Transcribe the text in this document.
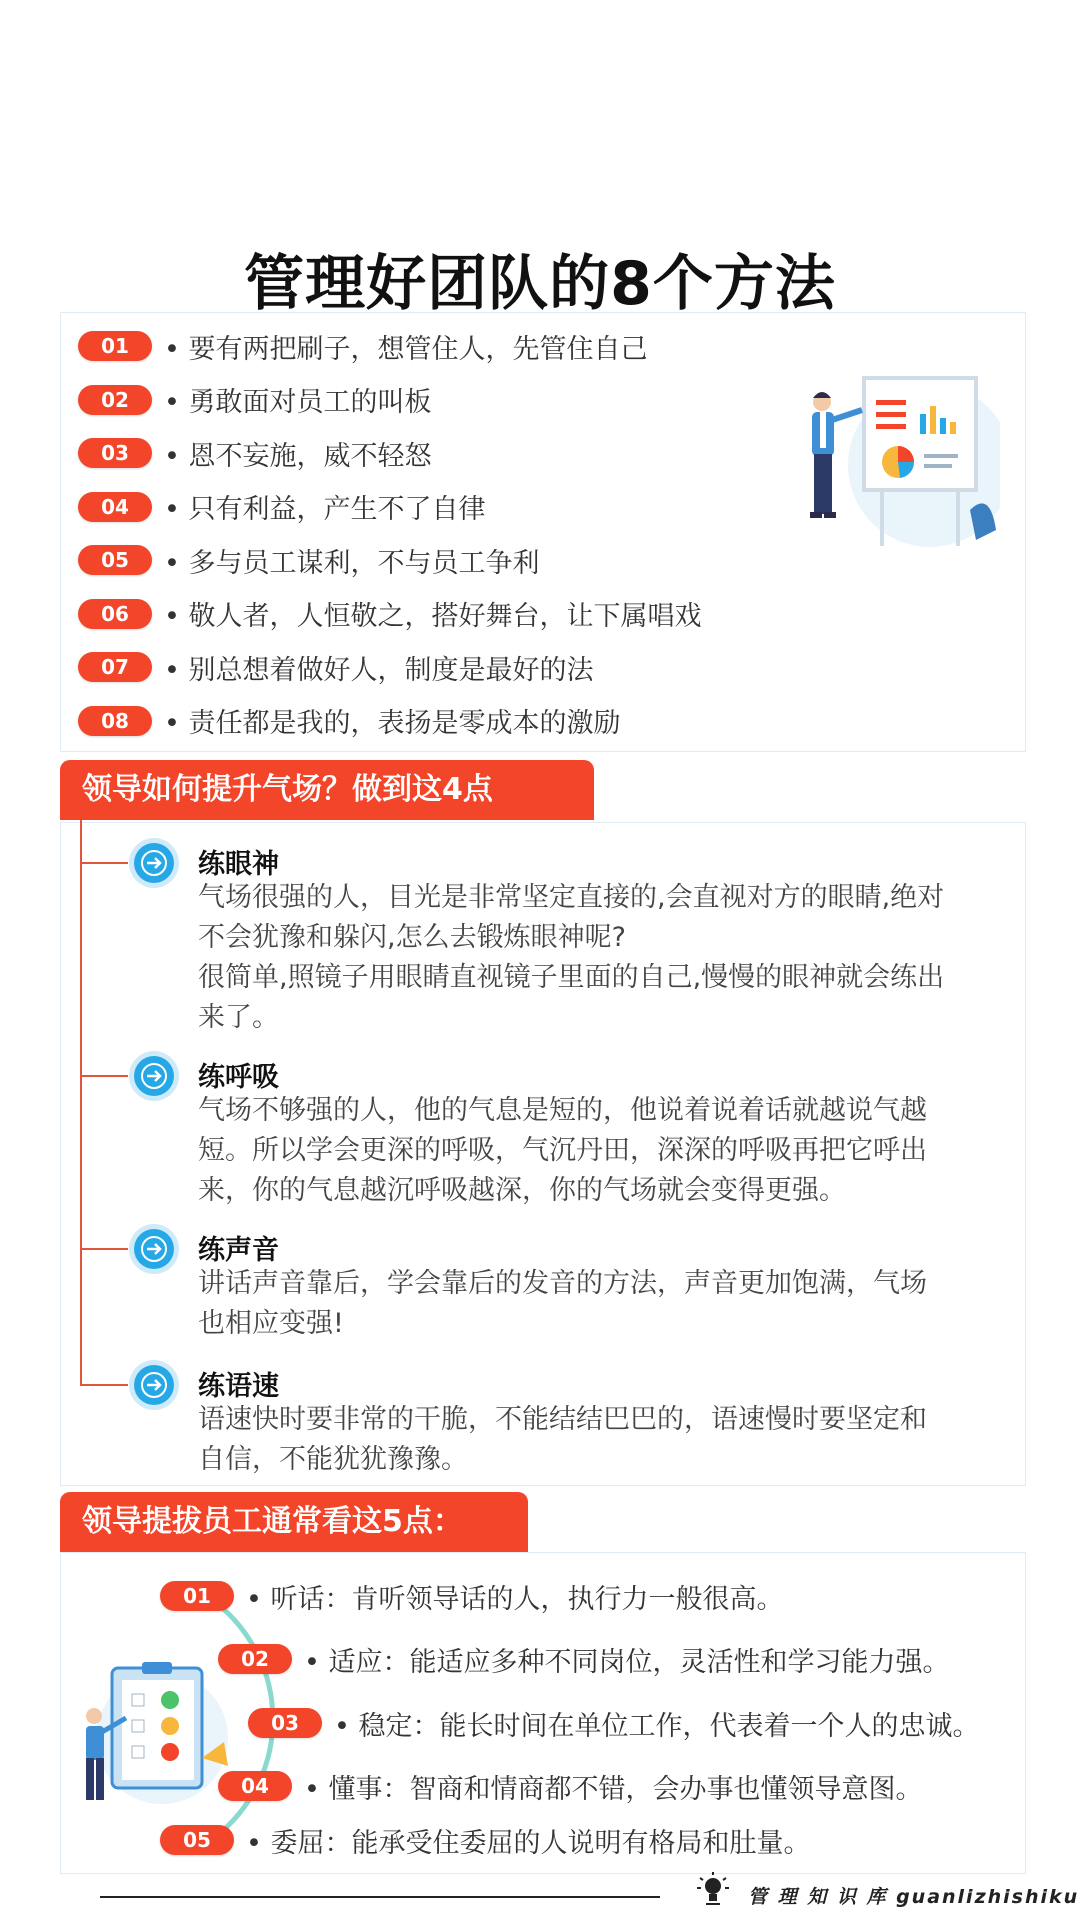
管理好团队的8个方法
01	• 要有两把刷子，想管住人，先管住自己
02	• 勇敢面对员工的叫板
03	• 恩不妄施，威不轻怒
04	• 只有利益，产生不了自律
05	• 多与员工谋利，不与员工争利
06	• 敬人者，人恒敬之，搭好舞台，让下属唱戏
07	• 别总想着做好人，制度是最好的法
08	• 责任都是我的，表扬是零成本的激励
领导如何提升气场？做到这4点
练眼神
气场很强的人，目光是非常坚定直接的,会直视对方的眼睛,绝对
不会犹豫和躲闪,怎么去锻炼眼神呢?
很简单,照镜子用眼睛直视镜子里面的自己,慢慢的眼神就会练出
来了。
练呼吸
气场不够强的人，他的气息是短的，他说着说着话就越说气越
短。所以学会更深的呼吸，气沉丹田，深深的呼吸再把它呼出
来，你的气息越沉呼吸越深，你的气场就会变得更强。
练声音
讲话声音靠后，学会靠后的发音的方法，声音更加饱满，气场
也相应变强!
练语速
语速快时要非常的干脆，不能结结巴巴的，语速慢时要坚定和
自信，不能犹犹豫豫。
领导提拔员工通常看这5点：
01	• 听话：肯听领导话的人，执行力一般很高。
02	• 适应：能适应多种不同岗位，灵活性和学习能力强。
03	• 稳定：能长时间在单位工作，代表着一个人的忠诚。
04	• 懂事：智商和情商都不错，会办事也懂领导意图。
05	• 委屈：能承受住委屈的人说明有格局和肚量。
管 理 知 识 库 guanlizhishiku
